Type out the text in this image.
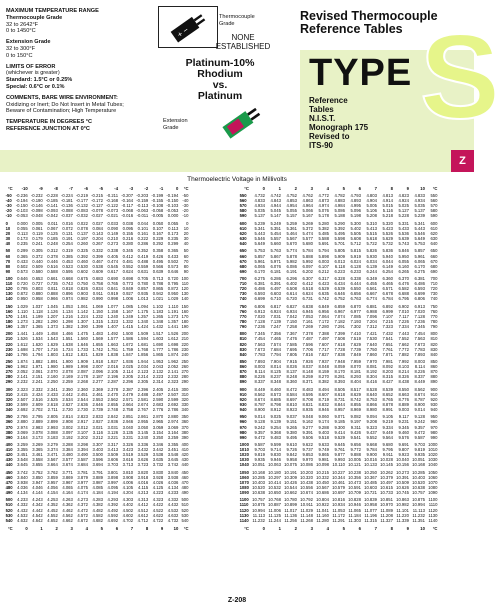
MAXIMUM TEMPERATURE RANGE
Thermocouple Grade
32 to 2642°F
0 to 1450°C
Extension Grade
32 to 300°F
0 to 150°C
LIMITS OF ERROR
(whichever is greater)
Standard: 1.5°C or 0.25%
Special: 0.6°C or 0.1%
COMMENTS, BARE WIRE ENVIRONMENT:
Oxidizing or Inert; Do Not Insert in Metal Tubes;
Beware of Contamination; High Temperature
TEMPERATURE IN DEGREES °C
REFERENCE JUNCTION AT 0°C
+ −
Thermocouple Grade
NONE
ESTABLISHED
Platinum-10% Rhodium
vs.
Platinum
Extension Grade
Revised Thermocouple
Reference Tables S
TYPE
Reference
Tables
N.I.S.T.
Monograph 175
Revised to
ITS-90
Z
Thermoelectric Voltage in Millivolts
°C	-10	-9	-8	-7	-6	-5	-4	-3	-2	-1	0	°C
-50	-0.236	-0.232	-0.228	-0.224	-0.219	-0.215	-0.211	-0.207	-0.203	-0.199	-0.194	-50
-40	-0.194	-0.190	-0.185	-0.181	-0.177	-0.172	-0.168	-0.164	-0.159	-0.155	-0.150	-40
-30	-0.150	-0.146	-0.141	-0.136	-0.132	-0.127	-0.122	-0.117	-0.113	-0.108	-0.103	-30
-20	-0.103	-0.098	-0.093	-0.088	-0.083	-0.078	-0.073	-0.068	-0.063	-0.058	-0.053	-20
-10	-0.053	-0.048	-0.042	-0.037	-0.032	-0.027	-0.021	-0.016	-0.011	-0.005	0.000	-10

0	0.000	0.005	0.011	0.016	0.022	0.027	0.033	0.038	0.044	0.050	0.055	0
10	0.055	0.061	0.067	0.072	0.078	0.084	0.090	0.095	0.101	0.107	0.113	10
20	0.113	0.119	0.125	0.131	0.137	0.143	0.149	0.155	0.161	0.167	0.173	20
30	0.173	0.179	0.185	0.191	0.197	0.204	0.210	0.216	0.222	0.229	0.235	30
40	0.235	0.241	0.248	0.254	0.260	0.267	0.273	0.280	0.286	0.292	0.299	40

50	0.299	0.305	0.312	0.319	0.325	0.332	0.338	0.345	0.352	0.358	0.365	50
60	0.365	0.372	0.378	0.385	0.392	0.399	0.405	0.412	0.419	0.426	0.433	60
70	0.433	0.440	0.446	0.453	0.460	0.467	0.474	0.481	0.488	0.495	0.502	70
80	0.502	0.509	0.516	0.523	0.530	0.538	0.545	0.552	0.559	0.566	0.573	80
90	0.573	0.580	0.588	0.595	0.602	0.609	0.617	0.624	0.631	0.639	0.646	90

100	0.646	0.653	0.661	0.668	0.675	0.683	0.690	0.698	0.705	0.713	0.720	100
110	0.720	0.727	0.735	0.743	0.750	0.758	0.765	0.773	0.780	0.788	0.795	110
120	0.795	0.803	0.811	0.818	0.826	0.834	0.841	0.849	0.857	0.865	0.872	120
130	0.872	0.880	0.888	0.896	0.903	0.911	0.919	0.927	0.935	0.942	0.950	130
140	0.950	0.958	0.966	0.974	0.982	0.990	0.998	1.006	1.013	1.021	1.029	140

150	1.029	1.037	1.045	1.053	1.061	1.069	1.077	1.085	1.094	1.102	1.110	150
160	1.110	1.118	1.126	1.134	1.142	1.150	1.158	1.167	1.175	1.183	1.191	160
170	1.191	1.199	1.207	1.216	1.224	1.232	1.240	1.249	1.257	1.265	1.273	170
180	1.273	1.282	1.290	1.298	1.307	1.315	1.323	1.332	1.340	1.348	1.357	180
190	1.357	1.365	1.373	1.382	1.390	1.399	1.407	1.415	1.424	1.432	1.441	190

200	1.441	1.449	1.458	1.466	1.475	1.483	1.492	1.500	1.509	1.517	1.526	200
210	1.526	1.534	1.543	1.551	1.560	1.569	1.577	1.586	1.594	1.603	1.612	210
220	1.612	1.620	1.629	1.638	1.646	1.655	1.663	1.672	1.681	1.690	1.698	220
230	1.698	1.707	1.716	1.724	1.733	1.742	1.751	1.759	1.768	1.777	1.786	230
240	1.786	1.794	1.803	1.812	1.821	1.829	1.838	1.847	1.856	1.865	1.874	240

250	1.874	1.882	1.891	1.900	1.909	1.918	1.927	1.936	1.944	1.953	1.962	250
260	1.962	1.971	1.980	1.989	1.998	2.007	2.016	2.025	2.034	2.043	2.052	260
270	2.052	2.061	2.070	2.078	2.087	2.096	2.105	2.114	2.123	2.132	2.141	270
280	2.141	2.151	2.160	2.169	2.178	2.187	2.196	2.205	2.214	2.223	2.232	280
290	2.232	2.241	2.250	2.259	2.268	2.277	2.287	2.296	2.305	2.314	2.323	290

300	2.323	2.332	2.341	2.350	2.360	2.369	2.378	2.387	2.396	2.405	2.415	300
310	2.415	2.424	2.433	2.442	2.451	2.461	2.470	2.479	2.488	2.497	2.507	310
320	2.507	2.516	2.525	2.534	2.544	2.553	2.562	2.571	2.581	2.590	2.599	320
330	2.599	2.609	2.618	2.627	2.636	2.646	2.655	2.664	2.674	2.683	2.692	330
340	2.692	2.702	2.711	2.720	2.730	2.739	2.748	2.758	2.767	2.776	2.786	340

350	2.786	2.795	2.805	2.814	2.823	2.833	2.842	2.851	2.861	2.870	2.880	350
360	2.880	2.889	2.899	2.908	2.917	2.927	2.936	2.946	2.955	2.965	2.974	360
370	2.974	2.983	2.993	3.002	3.012	3.021	3.031	3.040	3.050	3.059	3.069	370
380	3.069	3.078	3.088	3.097	3.107	3.116	3.126	3.135	3.145	3.154	3.164	380
390	3.164	3.173	3.183	3.192	3.202	3.212	3.221	3.231	3.240	3.250	3.259	390

400	3.259	3.269	3.279	3.288	3.298	3.307	3.317	3.326	3.336	3.346	3.355	400
410	3.355	3.365	3.374	3.384	3.394	3.403	3.413	3.423	3.432	3.442	3.451	410
420	3.451	3.461	3.471	3.480	3.490	3.500	3.509	3.519	3.529	3.538	3.548	420
430	3.548	3.558	3.567	3.577	3.587	3.596	3.606	3.616	3.626	3.635	3.645	430
440	3.645	3.655	3.664	3.674	3.684	3.694	3.703	3.713	3.723	3.732	3.742	440

450	3.742	3.752	3.762	3.771	3.781	3.791	3.801	3.810	3.820	3.830	3.840	450
460	3.840	3.850	3.859	3.869	3.879	3.889	3.898	3.908	3.918	3.928	3.938	460
470	3.938	3.947	3.957	3.967	3.977	3.987	3.997	4.006	4.016	4.026	4.036	470
480	4.036	4.046	4.056	4.065	4.075	4.085	4.095	4.105	4.115	4.125	4.134	480
490	4.134	4.144	4.154	4.164	4.174	4.184	4.194	4.204	4.213	4.223	4.233	490

500	4.233	4.243	4.253	4.263	4.273	4.283	4.293	4.303	4.313	4.323	4.332	500
510	4.332	4.342	4.352	4.362	4.372	4.382	4.392	4.402	4.412	4.422	4.432	510
520	4.432	4.442	4.452	4.462	4.472	4.482	4.492	4.502	4.512	4.522	4.532	520
530	4.532	4.542	4.552	4.562	4.572	4.582	4.592	4.602	4.612	4.622	4.632	530
540	4.632	4.642	4.652	4.662	4.672	4.682	4.692	4.702	4.712	4.722	4.732	540
°C	0	1	2	3	4	5	6	7	8	9	10	°C
°C	0	1	2	3	4	5	6	7	8	9	10	°C
550	4.732	4.742	4.752	4.762	4.772	4.782	4.793	4.803	4.813	4.823	4.833	550
560	4.833	4.843	4.853	4.863	4.873	4.883	4.893	4.904	4.914	4.924	4.934	560
570	4.934	4.944	4.954	4.964	4.974	4.984	4.995	5.005	5.015	5.025	5.035	570
580	5.035	5.045	5.055	5.066	5.076	5.086	5.096	5.106	5.116	5.127	5.137	580
590	5.137	5.147	5.157	5.167	5.178	5.188	5.198	5.208	5.218	5.228	5.239	590

600	5.239	5.249	5.259	5.269	5.280	5.290	5.300	5.310	5.320	5.331	5.341	600
610	5.341	5.351	5.361	5.372	5.382	5.392	5.402	5.413	5.423	5.433	5.443	610
620	5.443	5.454	5.464	5.474	5.485	5.495	5.505	5.515	5.526	5.536	5.546	620
630	5.546	5.557	5.567	5.577	5.588	5.598	5.608	5.618	5.629	5.639	5.649	630
640	5.649	5.660	5.670	5.680	5.691	5.701	5.712	5.722	5.732	5.743	5.753	640

650	5.753	5.763	5.774	5.784	5.794	5.805	5.815	5.826	5.836	5.846	5.857	650
660	5.857	5.867	5.878	5.888	5.898	5.909	5.919	5.930	5.940	5.950	5.961	660
670	5.961	5.971	5.982	5.992	6.003	6.013	6.024	6.034	6.044	6.055	6.065	670
680	6.065	6.076	6.086	6.097	6.107	6.118	6.128	6.139	6.149	6.160	6.170	680
690	6.170	6.181	6.191	6.202	6.212	6.223	6.233	6.244	6.254	6.265	6.275	690

700	6.275	6.286	6.296	6.307	6.317	6.328	6.338	6.349	6.360	6.370	6.381	700
710	6.381	6.391	6.402	6.412	6.423	6.434	6.444	6.455	6.465	6.476	6.486	710
720	6.486	6.497	6.508	6.518	6.529	6.539	6.550	6.561	6.571	6.582	6.593	720
730	6.593	6.603	6.614	6.624	6.635	6.646	6.656	6.667	6.678	6.688	6.699	730
740	6.699	6.710	6.720	6.731	6.742	6.752	6.763	6.774	6.784	6.795	6.806	740

750	6.806	6.817	6.827	6.838	6.849	6.859	6.870	6.881	6.892	6.902	6.913	750
760	6.913	6.924	6.934	6.945	6.956	6.967	6.977	6.988	6.999	7.010	7.020	760
770	7.020	7.031	7.042	7.053	7.064	7.074	7.085	7.096	7.107	7.117	7.128	770
780	7.128	7.139	7.150	7.161	7.172	7.182	7.193	7.204	7.215	7.226	7.236	780
790	7.236	7.247	7.258	7.269	7.280	7.291	7.302	7.312	7.323	7.334	7.345	790

800	7.345	7.356	7.367	7.378	7.388	7.399	7.410	7.421	7.432	7.443	7.454	800
810	7.454	7.465	7.476	7.487	7.497	7.508	7.519	7.530	7.541	7.552	7.563	810
820	7.563	7.574	7.585	7.596	7.607	7.618	7.629	7.640	7.651	7.662	7.673	820
830	7.673	7.684	7.695	7.706	7.717	7.728	7.739	7.750	7.761	7.772	7.783	830
840	7.783	7.794	7.805	7.816	7.827	7.838	7.849	7.860	7.871	7.882	7.893	840

850	7.893	7.904	7.915	7.926	7.937	7.948	7.959	7.970	7.981	7.992	8.003	850
860	8.003	8.014	8.026	8.037	8.048	8.059	8.070	8.081	8.092	8.103	8.114	860
870	8.114	8.125	8.137	8.148	8.159	8.170	8.181	8.192	8.203	8.214	8.226	870
880	8.226	8.237	8.248	8.259	8.270	8.281	8.293	8.304	8.315	8.326	8.337	880
890	8.337	8.348	8.360	8.371	8.382	8.393	8.404	8.416	8.427	8.438	8.449	890

900	8.449	8.460	8.472	8.483	8.494	8.505	8.517	8.528	8.539	8.550	8.562	900
910	8.562	8.573	8.584	8.595	8.607	8.618	8.629	8.640	8.652	8.663	8.674	910
920	8.674	8.685	8.697	8.708	8.719	8.731	8.742	8.753	8.765	8.776	8.787	920
930	8.787	8.798	8.810	8.821	8.832	8.844	8.855	8.866	8.878	8.889	8.900	930
940	8.900	8.912	8.923	8.935	8.946	8.957	8.969	8.980	8.991	9.003	9.014	940

950	9.014	9.025	9.037	9.048	9.060	9.071	9.082	9.094	9.105	9.117	9.128	950
960	9.128	9.139	9.151	9.162	9.174	9.185	9.197	9.208	9.219	9.231	9.242	960
970	9.242	9.254	9.265	9.277	9.288	9.300	9.311	9.323	9.334	9.345	9.357	970
980	9.357	9.368	9.380	9.391	9.403	9.414	9.426	9.437	9.449	9.460	9.472	980
990	9.472	9.483	9.495	9.506	9.518	9.529	9.541	9.552	9.564	9.576	9.587	990

1000	9.587	9.599	9.610	9.622	9.633	9.645	9.656	9.668	9.680	9.691	9.703	1000
1010	9.703	9.714	9.726	9.737	9.749	9.761	9.772	9.784	9.795	9.807	9.819	1010
1020	9.819	9.830	9.842	9.853	9.865	9.877	9.888	9.900	9.911	9.923	9.935	1020
1030	9.935	9.946	9.958	9.970	9.981	9.993	10.005	10.016	10.028	10.040	10.051	1030
1040	10.051	10.063	10.075	10.086	10.098	10.110	10.121	10.133	10.145	10.156	10.168	1040

1050	10.168	10.180	10.191	10.203	10.215	10.227	10.238	10.250	10.262	10.273	10.285	1050
1060	10.285	10.297	10.309	10.320	10.332	10.344	10.356	10.367	10.379	10.391	10.403	1060
1070	10.403	10.414	10.426	10.438	10.450	10.461	10.473	10.485	10.497	10.509	10.520	1070
1080	10.520	10.532	10.544	10.556	10.567	10.579	10.591	10.603	10.615	10.626	10.638	1080
1090	10.638	10.650	10.662	10.674	10.686	10.697	10.709	10.721	10.733	10.745	10.757	1090

1100	10.757	10.768	10.780	10.792	10.804	10.816	10.828	10.839	10.851	10.863	10.875	1100
1110	10.875	10.887	10.899	10.911	10.922	10.934	10.946	10.958	10.970	10.982	10.994	1110
1120	10.994	11.006	11.017	11.029	11.041	11.053	11.065	11.077	11.089	11.101	11.113	1120
1130	11.113	11.125	11.136	11.148	11.160	11.172	11.184	11.196	11.208	11.220	11.232	1130
1140	11.232	11.244	11.256	11.268	11.280	11.291	11.303	11.315	11.327	11.339	11.351	1140
°C	0	1	2	3	4	5	6	7	8	9	10	°C
Z-208
